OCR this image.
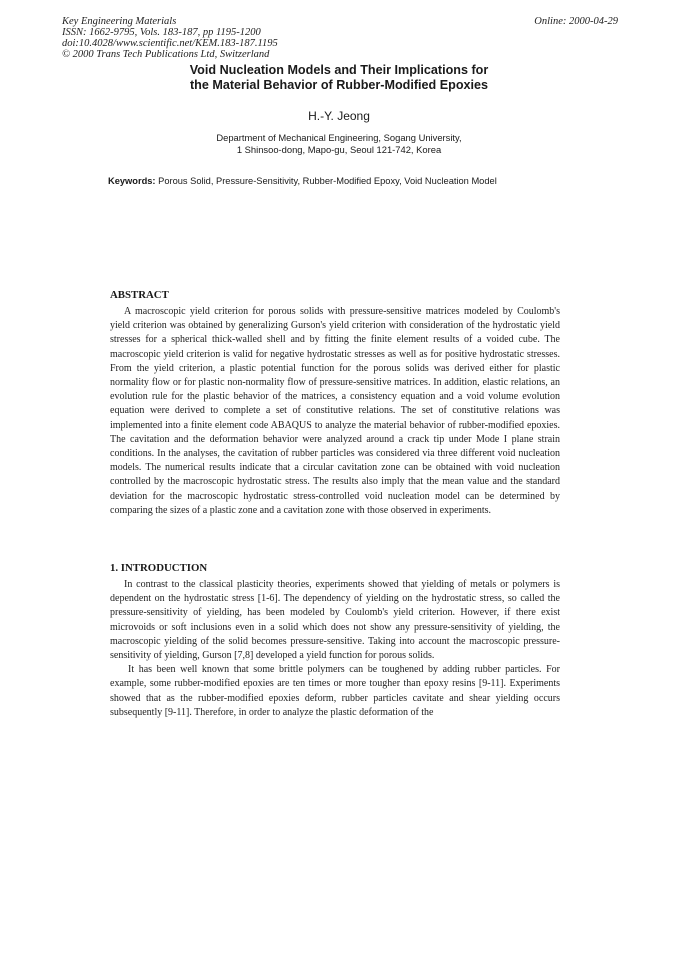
Key Engineering Materials
ISSN: 1662-9795, Vols. 183-187, pp 1195-1200
doi:10.4028/www.scientific.net/KEM.183-187.1195
© 2000 Trans Tech Publications Ltd, Switzerland
Online: 2000-04-29
Void Nucleation Models and Their Implications for
the Material Behavior of Rubber-Modified Epoxies
H.-Y. Jeong
Department of Mechanical Engineering, Sogang University,
1 Shinsoo-dong, Mapo-gu, Seoul 121-742, Korea
Keywords: Porous Solid, Pressure-Sensitivity, Rubber-Modified Epoxy, Void Nucleation Model
ABSTRACT

A macroscopic yield criterion for porous solids with pressure-sensitive matrices modeled by Coulomb's yield criterion was obtained by generalizing Gurson's yield criterion with consideration of the hydrostatic yield stresses for a spherical thick-walled shell and by fitting the finite element results of a voided cube. The macroscopic yield criterion is valid for negative hydrostatic stresses as well as for positive hydrostatic stresses. From the yield criterion, a plastic potential function for the porous solids was derived either for plastic normality flow or for plastic non-normality flow of pressure-sensitive matrices. In addition, elastic relations, an evolution rule for the plastic behavior of the matrices, a consistency equation and a void volume evolution equation were derived to complete a set of constitutive relations. The set of constitutive relations was implemented into a finite element code ABAQUS to analyze the material behavior of rubber-modified epoxies. The cavitation and the deformation behavior were analyzed around a crack tip under Mode I plane strain conditions. In the analyses, the cavitation of rubber particles was considered via three different void nucleation models. The numerical results indicate that a circular cavitation zone can be obtained with void nucleation controlled by the macroscopic hydrostatic stress. The results also imply that the mean value and the standard deviation for the macroscopic hydrostatic stress-controlled void nucleation model can be determined by comparing the sizes of a plastic zone and a cavitation zone with those observed in experiments.

1. INTRODUCTION

In contrast to the classical plasticity theories, experiments showed that yielding of metals or polymers is dependent on the hydrostatic stress [1-6]. The dependency of yielding on the hydrostatic stress, so called the pressure-sensitivity of yielding, has been modeled by Coulomb's yield criterion. However, if there exist microvoids or soft inclusions even in a solid which does not show any pressure-sensitivity of yielding, the macroscopic yielding of the solid becomes pressure-sensitive. Taking into account the macroscopic pressure-sensitivity of yielding, Gurson [7,8] developed a yield function for porous solids.

It has been well known that some brittle polymers can be toughened by adding rubber particles. For example, some rubber-modified epoxies are ten times or more tougher than epoxy resins [9-11]. Experiments showed that as the rubber-modified epoxies deform, rubber particles cavitate and shear yielding occurs subsequently [9-11]. Therefore, in order to analyze the plastic deformation of the
